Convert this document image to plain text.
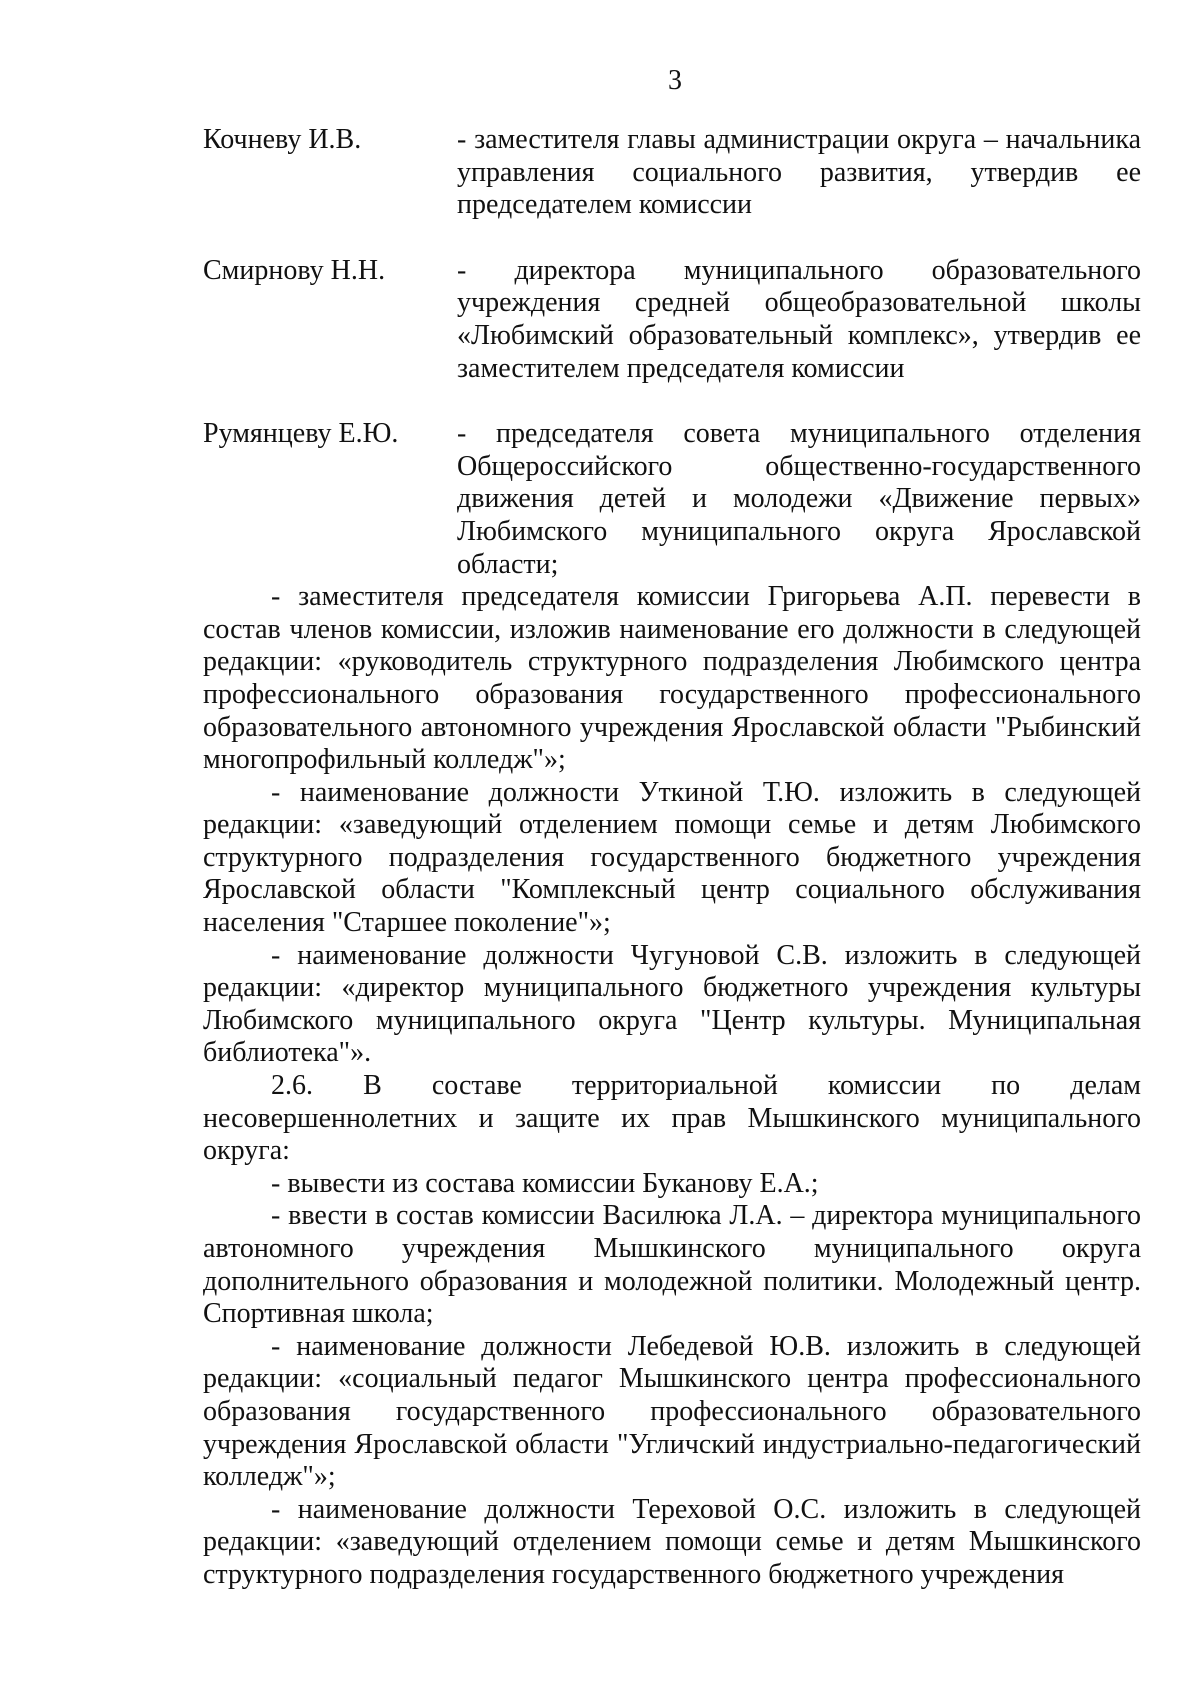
3
Кочневу И.В.	- заместителя главы администрации округа – начальника управления социального развития, утвердив ее председателем комиссии
Смирнову Н.Н.	- директора муниципального образовательного учреждения средней общеобразовательной школы «Любимский образовательный комплекс», утвердив ее заместителем председателя комиссии
Румянцеву Е.Ю.	- председателя совета муниципального отделения Общероссийского общественно-государственного движения детей и молодежи «Движение первых» Любимского муниципального округа Ярославской области;

- заместителя председателя комиссии Григорьева А.П. перевести в состав членов комиссии, изложив наименование его должности в следующей редакции: «руководитель структурного подразделения Любимского центра профессионального образования государственного профессионального образовательного автономного учреждения Ярославской области "Рыбинский многопрофильный колледж"»;

- наименование должности Уткиной Т.Ю. изложить в следующей редакции: «заведующий отделением помощи семье и детям Любимского структурного подразделения государственного бюджетного учреждения Ярославской области "Комплексный центр социального обслуживания населения "Старшее поколение"»;

- наименование должности Чугуновой С.В. изложить в следующей редакции: «директор муниципального бюджетного учреждения культуры Любимского муниципального округа "Центр культуры. Муниципальная библиотека"».

2.6. В составе территориальной комиссии по делам несовершеннолетних и защите их прав Мышкинского муниципального округа:

- вывести из состава комиссии Буканову Е.А.;

- ввести в состав комиссии Василюка Л.А. – директора муниципального автономного учреждения Мышкинского муниципального округа дополнительного образования и молодежной политики. Молодежный центр. Спортивная школа;

- наименование должности Лебедевой Ю.В. изложить в следующей редакции: «социальный педагог Мышкинского центра профессионального образования государственного профессионального образовательного учреждения Ярославской области "Угличский индустриально-педагогический колледж"»;

- наименование должности Тереховой О.С. изложить в следующей редакции: «заведующий отделением помощи семье и детям Мышкинского структурного подразделения государственного бюджетного учреждения
